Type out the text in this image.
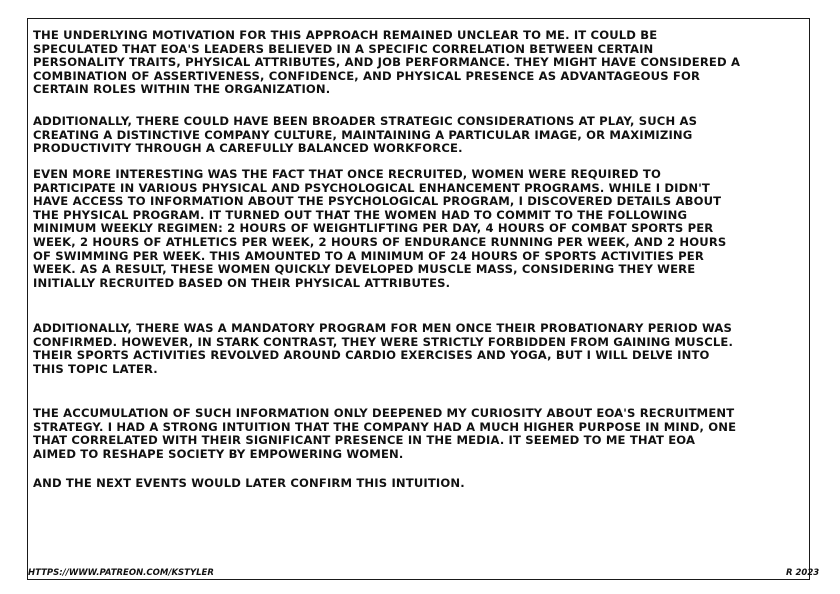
THE UNDERLYING MOTIVATION FOR THIS APPROACH REMAINED UNCLEAR TO ME. IT COULD BE
SPECULATED THAT EOA'S LEADERS BELIEVED IN A SPECIFIC CORRELATION BETWEEN CERTAIN
PERSONALITY TRAITS, PHYSICAL ATTRIBUTES, AND JOB PERFORMANCE. THEY MIGHT HAVE CONSIDERED A
COMBINATION OF ASSERTIVENESS, CONFIDENCE, AND PHYSICAL PRESENCE AS ADVANTAGEOUS FOR
CERTAIN ROLES WITHIN THE ORGANIZATION.

ADDITIONALLY, THERE COULD HAVE BEEN BROADER STRATEGIC CONSIDERATIONS AT PLAY, SUCH AS
CREATING A DISTINCTIVE COMPANY CULTURE, MAINTAINING A PARTICULAR IMAGE, OR MAXIMIZING
PRODUCTIVITY THROUGH A CAREFULLY BALANCED WORKFORCE.

EVEN MORE INTERESTING WAS THE FACT THAT ONCE RECRUITED, WOMEN WERE REQUIRED TO
PARTICIPATE IN VARIOUS PHYSICAL AND PSYCHOLOGICAL ENHANCEMENT PROGRAMS. WHILE I DIDN'T
HAVE ACCESS TO INFORMATION ABOUT THE PSYCHOLOGICAL PROGRAM, I DISCOVERED DETAILS ABOUT
THE PHYSICAL PROGRAM. IT TURNED OUT THAT THE WOMEN HAD TO COMMIT TO THE FOLLOWING
MINIMUM WEEKLY REGIMEN: 2 HOURS OF WEIGHTLIFTING PER DAY, 4 HOURS OF COMBAT SPORTS PER
WEEK, 2 HOURS OF ATHLETICS PER WEEK, 2 HOURS OF ENDURANCE RUNNING PER WEEK, AND 2 HOURS
OF SWIMMING PER WEEK. THIS AMOUNTED TO A MINIMUM OF 24 HOURS OF SPORTS ACTIVITIES PER
WEEK. AS A RESULT, THESE WOMEN QUICKLY DEVELOPED MUSCLE MASS, CONSIDERING THEY WERE
INITIALLY RECRUITED BASED ON THEIR PHYSICAL ATTRIBUTES.

ADDITIONALLY, THERE WAS A MANDATORY PROGRAM FOR MEN ONCE THEIR PROBATIONARY PERIOD WAS
CONFIRMED. HOWEVER, IN STARK CONTRAST, THEY WERE STRICTLY FORBIDDEN FROM GAINING MUSCLE.
THEIR SPORTS ACTIVITIES REVOLVED AROUND CARDIO EXERCISES AND YOGA, BUT I WILL DELVE INTO
THIS TOPIC LATER.

THE ACCUMULATION OF SUCH INFORMATION ONLY DEEPENED MY CURIOSITY ABOUT EOA'S RECRUITMENT
STRATEGY. I HAD A STRONG INTUITION THAT THE COMPANY HAD A MUCH HIGHER PURPOSE IN MIND, ONE
THAT CORRELATED WITH THEIR SIGNIFICANT PRESENCE IN THE MEDIA. IT SEEMED TO ME THAT EOA
AIMED TO RESHAPE SOCIETY BY EMPOWERING WOMEN.

AND THE NEXT EVENTS WOULD LATER CONFIRM THIS INTUITION.

HTTPS://WWW.PATREON.COM/KSTYLER	R 2023
